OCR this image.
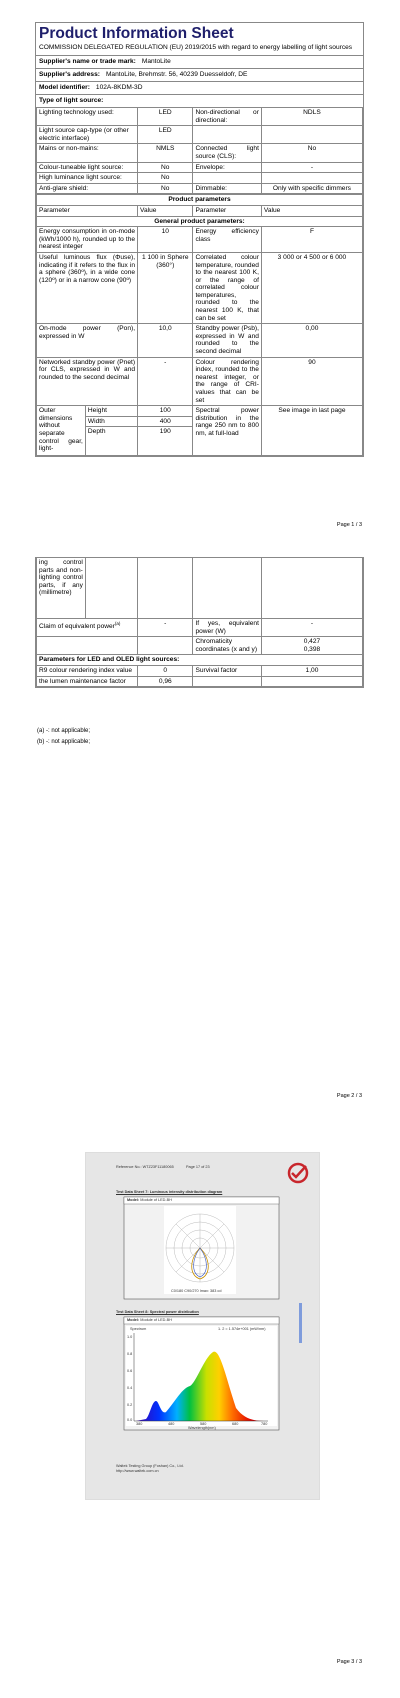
Product Information Sheet
COMMISSION DELEGATED REGULATION (EU) 2019/2015 with regard to energy labelling of light sources
Supplier's name or trade mark: MantoLite
Supplier's address: MantoLite, Brehmstr. 56, 40239 Duesseldofr, DE
Model identifier: 102A-8KDM-3D
Type of light source:
Lighting technology used:	LED	Non-directional or directional:	NDLS
Light source cap-type (or other electric interface)	LED		
Mains or non-mains:	NMLS	Connected light source (CLS):	No
Colour-tuneable light source:	No	Envelope:	-
High luminance light source:	No		
Anti-glare shield:	No	Dimmable:	Only with specific dimmers
Product parameters				
Parameter		Value	Parameter	Value
General product parameters:				
Energy consumption in on-mode (kWh/1000 h), rounded up to the nearest integer		10	Energy efficiency class	F
Useful luminous flux (Φuse), indicating if it refers to the flux in a sphere (360º), in a wide cone (120º) or in a narrow cone (90º)		1 100 in Sphere (360°)	Correlated colour temperature, rounded to the nearest 100 K, or the range of correlated colour temperatures, rounded to the nearest 100 K, that can be set	3 000 or 4 500 or 6 000
On-mode power (Pon), expressed in W		10,0	Standby power (Psb), expressed in W and rounded to the second decimal	0,00
Networked standby power (Pnet) for CLS, expressed in W and rounded to the second decimal		-	Colour rendering index, rounded to the nearest integer, or the range of CRI-values that can be set	90
Outer dimensions without separate control gear, light-	Height	100	Spectral power distribution in the range 250 nm to 800 nm, at full-load	See image in last page
	Width	400		
	Depth	190		
Page 1 / 3
ing control parts and non-lighting control parts, if any (millimetre)				
Claim of equivalent power$^{(a)}$		-	If yes, equivalent power (W)	-
			Chromaticity coordinates (x and y)	0,427
0,398

Parameters for LED and OLED light sources:				
R9 colour rendering index value		0	Survival factor	1,00
the lumen maintenance factor		0,96		
(a) -: not applicable;
(b) -: not applicable;
Page 2 / 3
Reference No.: WTZ23F11180065	Page 17 of 23
Test Data Sheet 7: Luminous intensity distribution diagram
Model: Module of LED-BH
C0/180 C90/270 Imax: 383 cd
Test Data Sheet 8: Spectral power distribution
Model: Module of LED-BH
Spectrum	1. 2 = 1.574e+001 (mW/nm)
1.0
0.8
0.6
0.4
0.2
0.0
380	480	580	680	780
Wavelength(nm)
Waltek Testing Group (Foshan) Co., Ltd.
http://www.waltek.com.cn
Page 3 / 3
